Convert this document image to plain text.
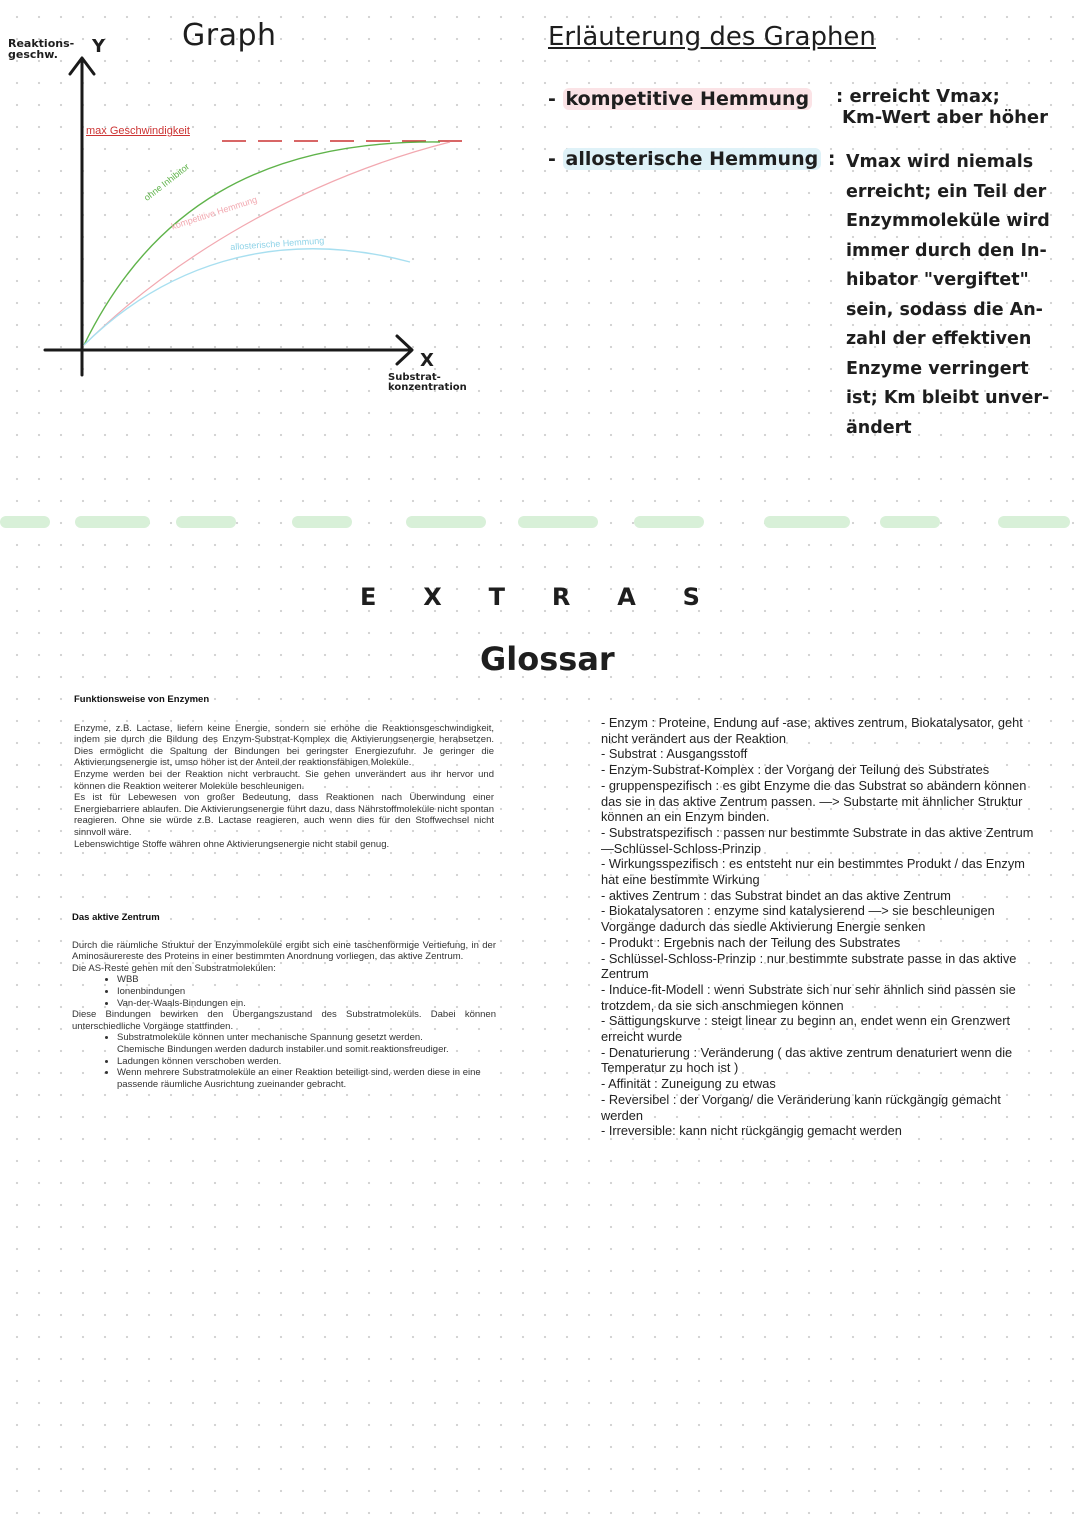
Reaktions-
geschw.	Y	Graph
X
Substrat-
konzentration
max Geschwindigkeit
ohne Inhibitor
kompetitive Hemmung
allosterische Hemmung
Erläuterung des Graphen
- kompetitive Hemmung : erreicht Vmax;
Km-Wert aber höher
- allosterische Hemmung : Vmax wird niemals
erreicht; ein Teil der
Enzymmoleküle wird
immer durch den In-
hibator "vergiftet"
sein, sodass die An-
zahl der effektiven
Enzyme verringert
ist; Km bleibt unver-
ändert
E X T R A S
Glossar
Funktionsweise von Enzymen

Enzyme, z.B. Lactase, liefern keine Energie, sondern sie erhöhe die Reaktionsgeschwindigkeit, indem sie durch die Bildung des Enzym-Substrat-Komplex die Aktivierungsenergie herabsetzen. Dies ermöglicht die Spaltung der Bindungen bei geringster Energiezufuhr. Je geringer die Aktivierungsenergie ist, umso höher ist der Anteil der reaktionsfähigen Moleküle.

Enzyme werden bei der Reaktion nicht verbraucht. Sie gehen unverändert aus ihr hervor und können die Reaktion weiterer Moleküle beschleunigen.

Es ist für Lebewesen von großer Bedeutung, dass Reaktionen nach Überwindung einer Energiebarriere ablaufen. Die Aktivierungsenergie führt dazu, dass Nährstoffmoleküle nicht spontan reagieren. Ohne sie würde z.B. Lactase reagieren, auch wenn dies für den Stoffwechsel nicht sinnvoll wäre.

Lebenswichtige Stoffe währen ohne Aktivierungsenergie nicht stabil genug.

Das aktive Zentrum

Durch die räumliche Struktur der Enzymmoleküle ergibt sich eine taschenförmige Vertiefung, in der Aminosäurereste des Proteins in einer bestimmten Anordnung vorliegen, das aktive Zentrum.

Die AS-Reste gehen mit den Substratmolekülen:

• WBB
• Ionenbindungen
• Van-der-Waals-Bindungen ein.

Diese Bindungen bewirken den Übergangszustand des Substratmoleküls. Dabei können unterschiedliche Vorgänge stattfinden.

• Substratmoleküle können unter mechanische Spannung gesetzt werden.
Chemische Bindungen werden dadurch instabiler und somit reaktionsfreudiger.
• Ladungen können verschoben werden.
• Wenn mehrere Substratmoleküle an einer Reaktion beteiligt sind, werden diese in eine passende räumliche Ausrichtung zueinander gebracht.
- Enzym : Proteine, Endung auf -ase, aktives zentrum, Biokatalysator, geht nicht verändert aus der Reaktion
- Substrat : Ausgangsstoff
- Enzym-Substrat-Komplex : der Vorgang der Teilung des Substrates
- gruppenspezifisch : es gibt Enzyme die das Substrat so abändern können das sie in das aktive Zentrum passen. —> Substarte mit ähnlicher Struktur können an ein Enzym binden.
- Substratspezifisch : passen nur bestimmte Substrate in das aktive Zentrum —Schlüssel-Schloss-Prinzip
- Wirkungsspezifisch : es entsteht nur ein bestimmtes Produkt / das Enzym hat eine bestimmte Wirkung
- aktives Zentrum : das Substrat bindet an das aktive Zentrum
- Biokatalysatoren : enzyme sind katalysierend —> sie beschleunigen Vorgänge dadurch das siedle Aktivierung Energie senken
- Produkt : Ergebnis nach der Teilung des Substrates
- Schlüssel-Schloss-Prinzip : nur bestimmte substrate passe in das aktive Zentrum
- Induce-fit-Modell : wenn Substrate sich nur sehr ähnlich sind passen sie trotzdem, da sie sich anschmiegen können
- Sättigungskurve : steigt linear zu beginn an, endet wenn ein Grenzwert erreicht wurde
- Denaturierung : Veränderung ( das aktive zentrum denaturiert wenn die Temperatur zu hoch ist )
- Affinität : Zuneigung zu etwas
- Reversibel : der Vorgang/ die Veränderung kann rückgängig gemacht werden
- Irreversible: kann nicht rückgängig gemacht werden
